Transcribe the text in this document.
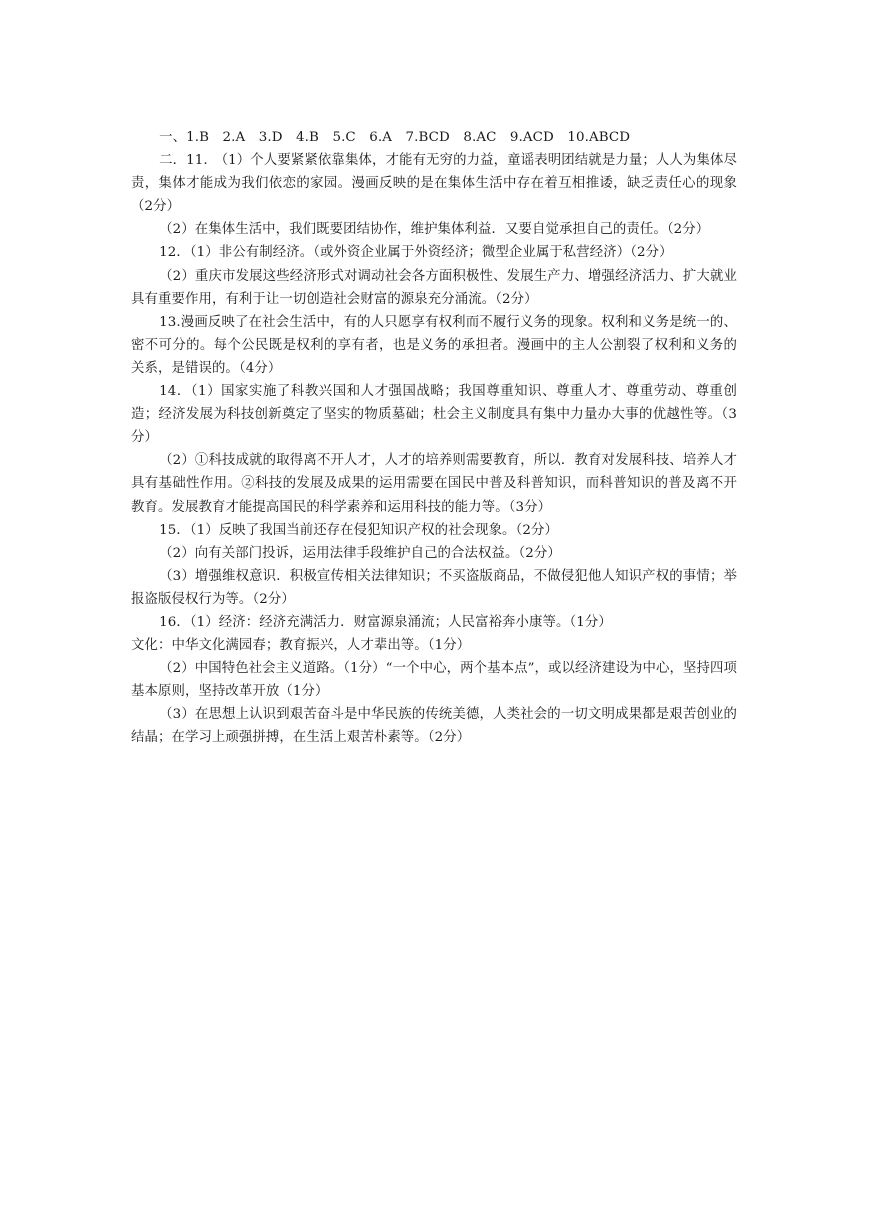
一、1.B　2.A　3.D　4.B　5.C　6.A　7.BCD　8.AC　9.ACD　10.ABCD

二．11.　（1）个人要紧紧依靠集体，才能有无穷的力益，童谣表明团结就是力量；人人为集体尽责，集体才能成为我们依恋的家园。漫画反映的是在集体生活中存在着互相推诿，缺乏责任心的现象（2分）

（2）在集体生活中，我们既要团结协作，维护集体利益．又要自觉承担自己的责任。（2分）

12．（1）非公有制经济。（或外资企业属于外资经济；微型企业属于私营经济）（2分）

（2）重庆市发展这些经济形式对调动社会各方面积极性、发展生产力、增强经济活力、扩大就业具有重要作用，有利于让一切创造社会财富的源泉充分涌流。（2分）

13.漫画反映了在社会生活中，有的人只愿享有权利而不履行义务的现象。权利和义务是统一的、密不可分的。每个公民既是权利的享有者，也是义务的承担者。漫画中的主人公割裂了权利和义务的关系，是错误的。（4分）

14．（1）国家实施了科教兴国和人才强国战略；我国尊重知识、尊重人才、尊重劳动、尊重创造；经济发展为科技创新奠定了坚实的物质墓础；杜会主义制度具有集中力量办大事的优越性等。（3分）

（2）①科技成就的取得离不开人才，人才的培养则需要教育，所以．教育对发展科技、培养人才具有基础性作用。②科技的发展及成果的运用需要在国民中普及科普知识，而科普知识的普及离不开教育。发展教育才能提高国民的科学素养和运用科技的能力等。（3分）

15．（1）反映了我国当前还存在侵犯知识产权的社会现象。（2分）

（2）向有关部门投诉，运用法律手段维护自己的合法权益。（2分）

（3）增强维权意识．积极宣传相关法律知识；不买盗版商品，不做侵犯他人知识产权的事情；举报盗版侵权行为等。（2分）

16．（1）经济：经济充满活力．财富源泉涌流；人民富裕奔小康等。（1分）

文化：中华文化满园春；教育振兴，人才辈出等。（1分）

（2）中国特色社会主义道路。（1分）“一个中心，两个基本点”，或以经济建设为中心，坚持四项基本原则，坚持改革开放（1分）

（3）在思想上认识到艰苦奋斗是中华民族的传统美德，人类社会的一切文明成果都是艰苦创业的结晶；在学习上顽强拼搏，在生活上艰苦朴素等。（2分）
